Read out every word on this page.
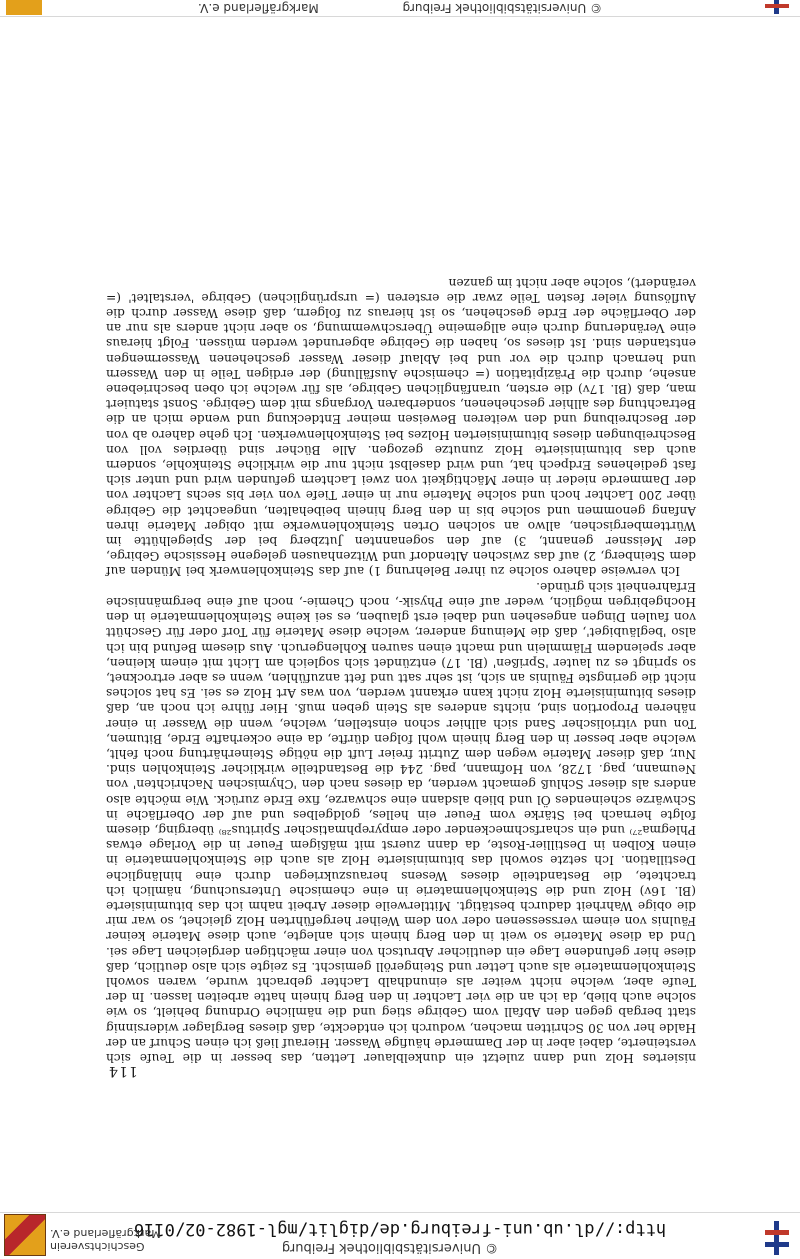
© Universitätsbibliothek Freiburg
http://dl.ub.uni-freiburg.de/diglit/mgl-1982-02/0116
Geschichtsverein
Markgräflerland e.V.
114

nisiertes Holz und dann zuletzt ein dunkelblauer Letten, das besser in die Teufe sich versteinerte, dabei aber in der Dammerde häufige Wasser. Hierauf ließ ich einen Schurf an der Halde her von 30 Schritten machen, wodurch ich entdeckte, daß dieses Berglager widersinnig statt bergab gegen den Abfall vom Gebirge stieg und die nämliche Ordnung behielt, so wie solche auch blieb, da ich an die vier Lachter in den Berg hinein hatte arbeiten lassen. In der Teufe aber, welche nicht weiter als einundhalb Lachter gebracht wurde, waren sowohl Steinkohlenmaterie als auch Letter und Steingeröll gemischt. Es zeigte sich also deutlich, daß diese hier gefundene Lage ein deutlicher Abrutsch von einer mächtigen dergleichen Lage sei. Und da diese Materie so weit in den Berg hinein sich anlegte, auch diese Materie keiner Fäulnis von einem verssessenen oder von dem Weiher hergeführten Holz gleichet, so war mir die obige Wahrheit dadurch bestätigt. Mittlerweile dieser Arbeit nahm ich das bituminisierte (Bl. 16v) Holz und die Steinkohlenmaterie in eine chemische Untersuchung, nämlich ich trachtete, die Bestandteile dieses Wesens herauszukriegen durch eine hinlängliche Destillation. Ich setzte sowohl das bituminisierte Holz als auch die Steinkohlenmaterie in einen Kolben in Destillier-Roste, da dann zuerst mit mäßigem Feuer in die Vorlage etwas Phlegma²⁷⁾ und ein scharfschmeckender oder empyrephmatischer Spiritus²⁸⁾ überging, diesem folgte hernach bei Stärke vom Feuer ein helles, goldgelbes und auf der Oberfläche in Schwärze scheinendes Öl und blieb alsdann eine schwarze, fixe Erde zurück. Wie möchte also anders als dieser Schluß gemacht werden, da dieses nach den 'Chymischen Nachrichten' von Neumann, pag. 1728, von Hofmann, pag. 244 die Bestandteile wirklicher Steinkohlen sind. Nur, daß dieser Materie wegen dem Zutritt freier Luft die nötige Steinerhärtung noch fehlt, welche aber besser in den Berg hinein wohl folgen dürfte, da eine ockerhafte Erde, Bitumen, Ton und vitriolischer Sand sich allhier schon einstellen, welche, wenn die Wasser in einer näheren Proportion sind, nichts anderes als Stein geben muß. Hier führe ich noch an, daß dieses bituminisierte Holz nicht kann erkannt werden, von was Art Holz es sei. Es hat solches nicht die geringste Fäulnis an sich, ist sehr satt und fett anzufühlen, wenn es aber ertrocknet, so springt es zu lauter 'Sprißen' (Bl. 17) entzündet sich sogleich am Licht mit einem kleinen, aber speiendem Flämmlein und macht einen sauren Kohlengeruch. Aus diesem Befund bin ich also 'begläubiget', daß die Meinung anderer, welche diese Materie für Torf oder für Geschütt von faulen Dingen angesehen und dabei erst glauben, es sei keine Steinkohlenmaterie in den Hochgebirgen möglich, weder auf eine Physik-, noch Chemie-, noch auf eine bergmännische Erfahrenheit sich gründe.

Ich verweise dahero solche zu ihrer Belehrung 1) auf das Steinkohlenwerk bei Münden auf dem Steinberg, 2) auf das zwischen Altendorf und Witzenhausen gelegene Hessische Gebirge, der Meissner genannt, 3) auf den sogenannten Jutzberg bei der Spiegelhütte im Württembergischen, allwo an solchen Orten Steinkohlenwerke mit obiger Materie ihren Anfang genommen und solche bis in den Berg hinein beibehalten, ungeachtet die Gebirge über 200 Lachter hoch und solche Materie nur in einer Tiefe von vier bis sechs Lachter von der Dammerde nieder in einer Mächtigkeit von zwei Lachtern gefunden wird und unter sich fast gediehenes Erdpech hat, und wird daselbst nicht nur die wirkliche Steinkohle, sondern auch das bituminisierte Holz zunutze gezogen. Alle Bücher sind überdies voll von Beschreibungen dieses bituminisierten Holzes bei Steinkohlenwerken. Ich gehe dahero ab von der Beschreibung und den weiteren Beweisen meiner Entdeckung und wende mich an die Betrachtung des allhier geschehenen, sonderbaren Vorgangs mit dem Gebirge. Sonst statuiert man, daß (Bl. 17v) die ersten, uranfänglichen Gebirge, als für welche ich oben beschriebene ansehe, durch die Präzipitation (= chemische Ausfällung) der erdigen Teile in den Wassern und hernach durch die vor und bei Ablauf dieser Wasser geschehenen Wassermengen entstanden sind. Ist dieses so, haben die Gebirge abgerundet werden müssen. Folgt hieraus eine Veränderung durch eine allgemeine Überschwemmung, so aber nicht anders als nur an der Oberfläche der Erde geschehen, so ist hieraus zu folgern, daß diese Wasser durch die Auflösung vieler festen Teile zwar die ersteren (= ursprünglichen) Gebirge 'verstaltet' (= verändert), solche aber nicht im ganzen

© Universitätsbibliothek Freiburg Markgräflerland e.V.
